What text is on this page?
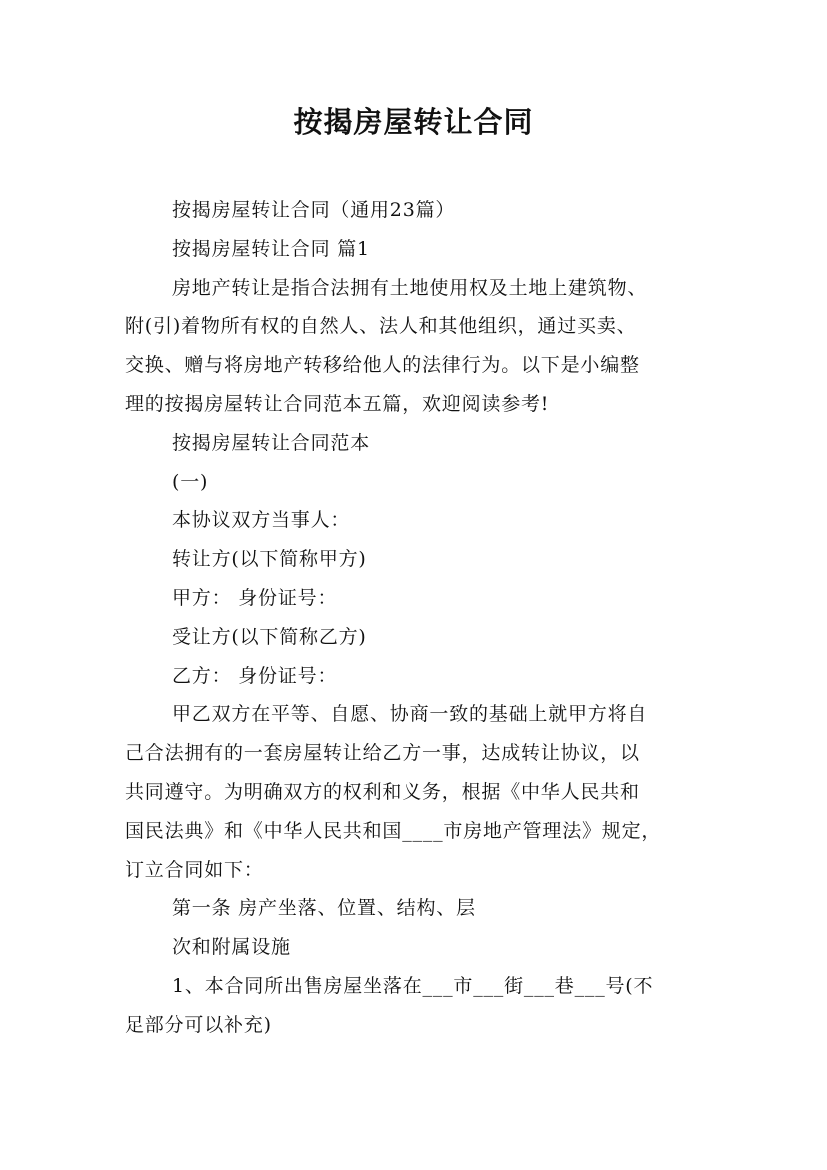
按揭房屋转让合同
按揭房屋转让合同（通用23篇）
按揭房屋转让合同 篇1
房地产转让是指合法拥有土地使用权及土地上建筑物、
附(引)着物所有权的自然人、法人和其他组织，通过买卖、
交换、赠与将房地产转移给他人的法律行为。以下是小编整
理的按揭房屋转让合同范本五篇，欢迎阅读参考!
按揭房屋转让合同范本
(一)
本协议双方当事人：
转让方(以下简称甲方)
甲方： 身份证号：
受让方(以下简称乙方)
乙方： 身份证号：
甲乙双方在平等、自愿、协商一致的基础上就甲方将自
己合法拥有的一套房屋转让给乙方一事，达成转让协议，以
共同遵守。为明确双方的权利和义务，根据《中华人民共和
国民法典》和《中华人民共和国____市房地产管理法》规定，
订立合同如下：
第一条 房产坐落、位置、结构、层
次和附属设施
1、本合同所出售房屋坐落在___市___街___巷___号(不
足部分可以补充)
